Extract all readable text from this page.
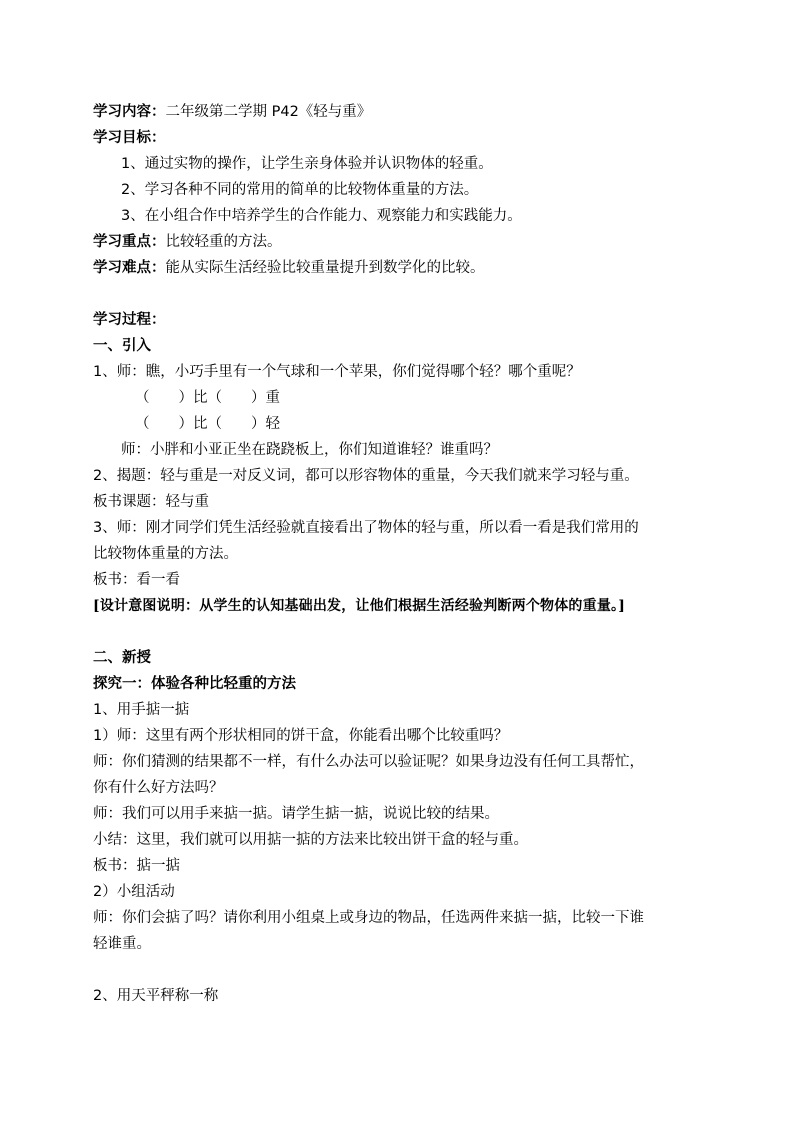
学习内容：二年级第二学期 P42《轻与重》
学习目标：
1、通过实物的操作，让学生亲身体验并认识物体的轻重。
2、学习各种不同的常用的简单的比较物体重量的方法。
3、在小组合作中培养学生的合作能力、观察能力和实践能力。
学习重点：比较轻重的方法。
学习难点：能从实际生活经验比较重量提升到数学化的比较。
学习过程：
一、引入
1、师：瞧，小巧手里有一个气球和一个苹果，你们觉得哪个轻？哪个重呢？
（　　）比（　　）重
（　　）比（　　）轻
师：小胖和小亚正坐在跷跷板上，你们知道谁轻？谁重吗？
2、揭题：轻与重是一对反义词，都可以形容物体的重量，今天我们就来学习轻与重。
板书课题：轻与重
3、师：刚才同学们凭生活经验就直接看出了物体的轻与重，所以看一看是我们常用的
比较物体重量的方法。
板书：看一看
[设计意图说明：从学生的认知基础出发，让他们根据生活经验判断两个物体的重量。]
二、新授
探究一：体验各种比轻重的方法
1、用手掂一掂
1）师：这里有两个形状相同的饼干盒，你能看出哪个比较重吗？
师：你们猜测的结果都不一样，有什么办法可以验证呢？如果身边没有任何工具帮忙，
你有什么好方法吗？
师：我们可以用手来掂一掂。请学生掂一掂，说说比较的结果。
小结：这里，我们就可以用掂一掂的方法来比较出饼干盒的轻与重。
板书：掂一掂
2）小组活动
师：你们会掂了吗？请你利用小组桌上或身边的物品，任选两件来掂一掂，比较一下谁
轻谁重。
2、用天平秤称一称
